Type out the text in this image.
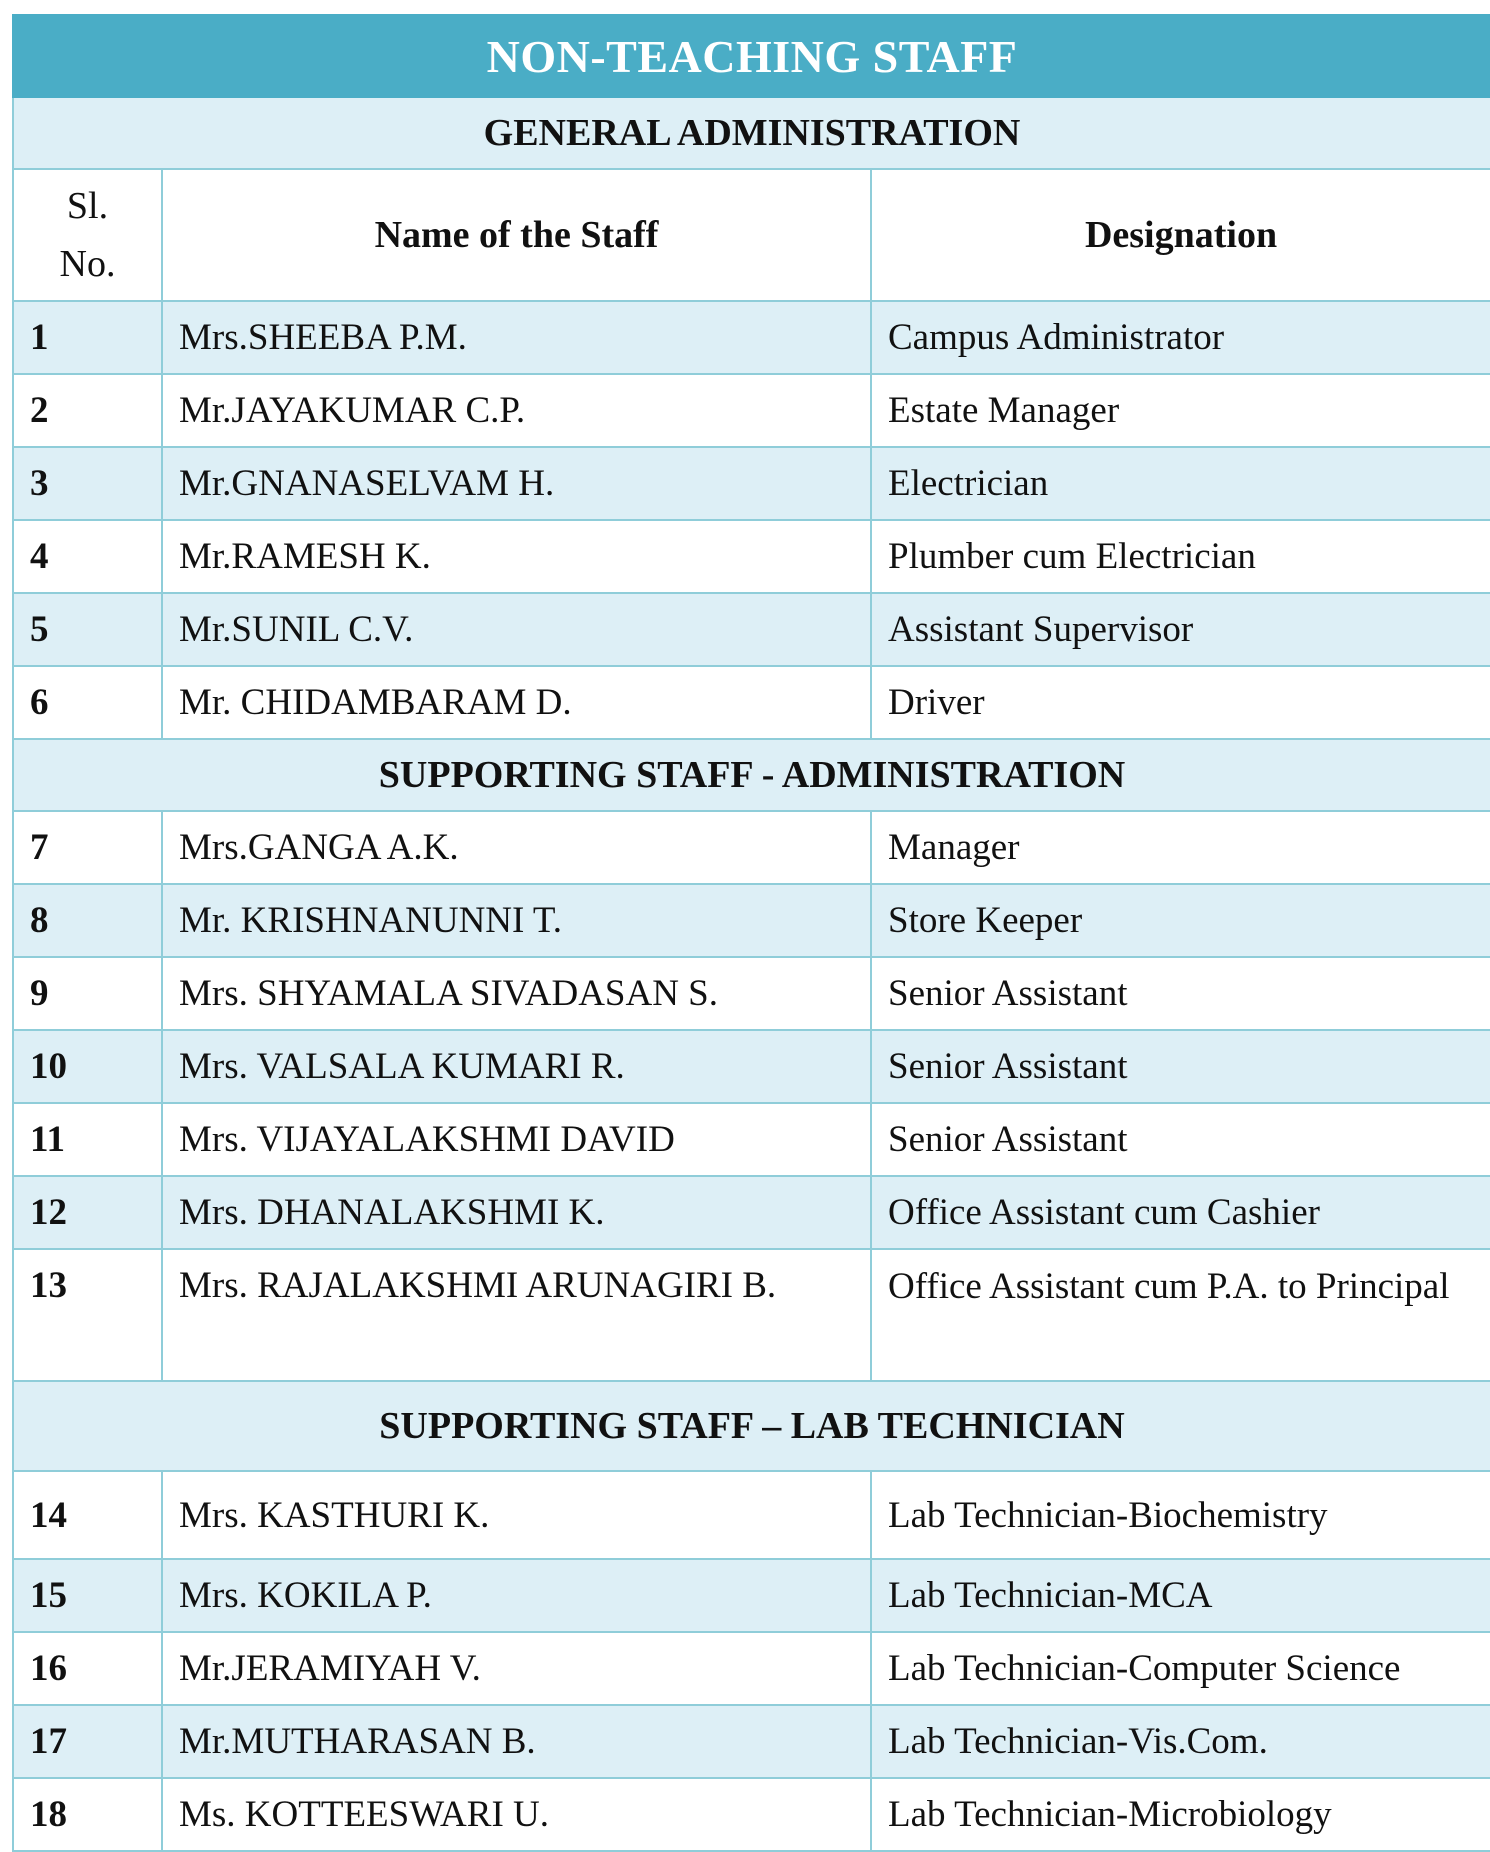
NON-TEACHING STAFF		
GENERAL ADMINISTRATION		
Sl.
No.	Name of the Staff	Designation
1	Mrs.SHEEBA P.M.	Campus Administrator
2	Mr.JAYAKUMAR C.P.	Estate Manager
3	Mr.GNANASELVAM H.	Electrician
4	Mr.RAMESH K.	Plumber cum Electrician
5	Mr.SUNIL C.V.	Assistant Supervisor
6	Mr. CHIDAMBARAM D.	Driver
SUPPORTING STAFF - ADMINISTRATION		
7	Mrs.GANGA A.K.	Manager
8	Mr. KRISHNANUNNI T.	Store Keeper
9	Mrs. SHYAMALA SIVADASAN S.	Senior Assistant
10	Mrs. VALSALA KUMARI R.	Senior Assistant
11	Mrs. VIJAYALAKSHMI DAVID	Senior Assistant
12	Mrs. DHANALAKSHMI K.	Office Assistant cum Cashier
13	Mrs. RAJALAKSHMI ARUNAGIRI B.	Office Assistant cum P.A. to Principal
SUPPORTING STAFF – LAB TECHNICIAN		
14	Mrs. KASTHURI K.	Lab Technician-Biochemistry
15	Mrs. KOKILA P.	Lab Technician-MCA
16	Mr.JERAMIYAH V.	Lab Technician-Computer Science
17	Mr.MUTHARASAN B.	Lab Technician-Vis.Com.
18	Ms. KOTTEESWARI U.	Lab Technician-Microbiology
